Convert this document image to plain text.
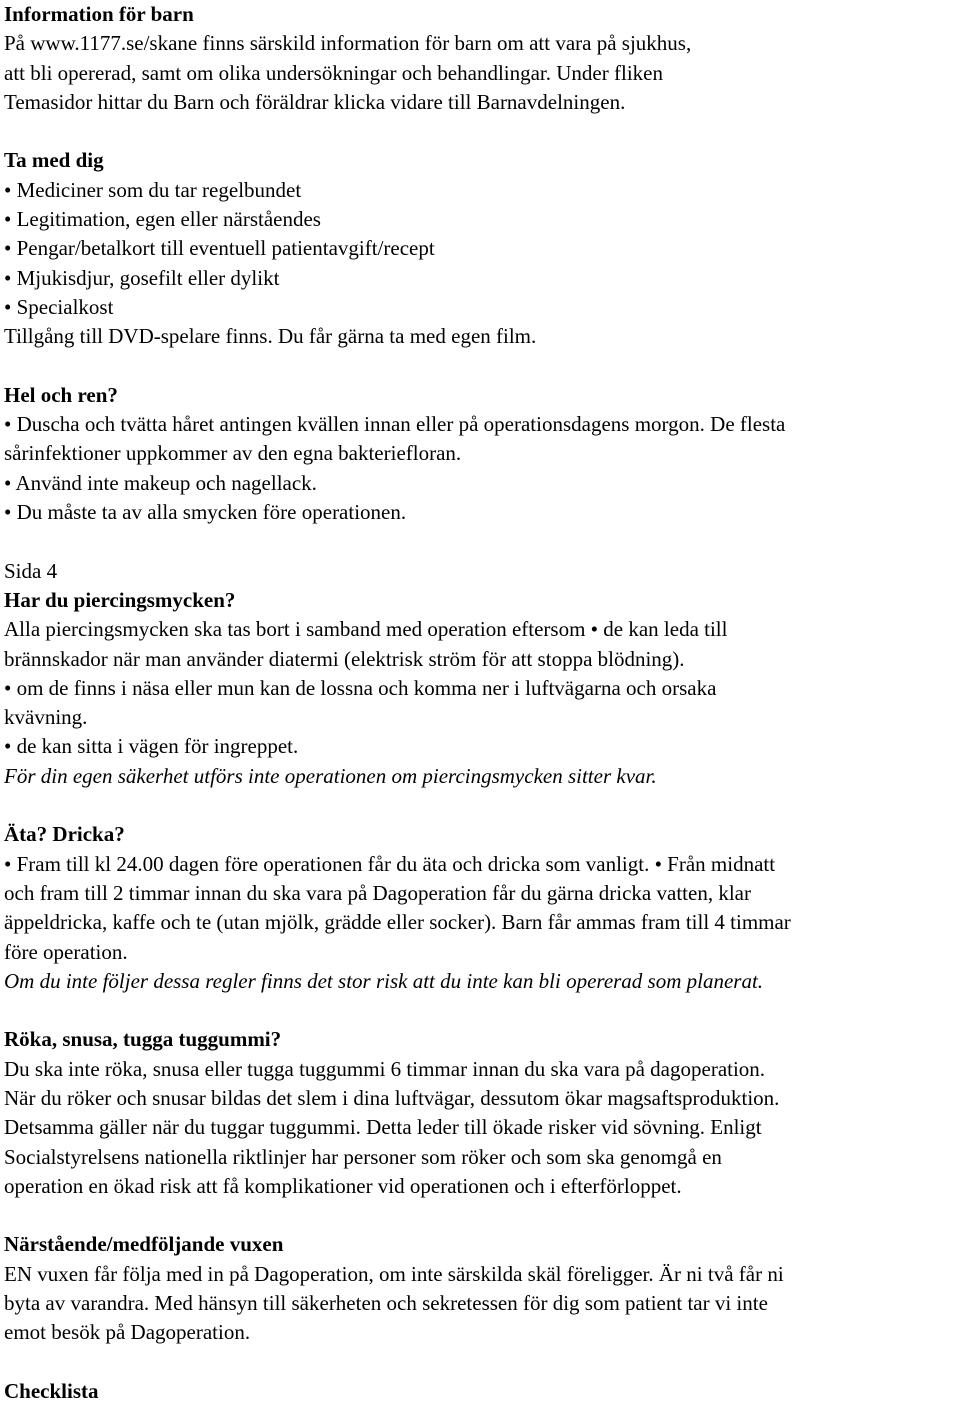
Information för barn
På www.1177.se/skane finns särskild information för barn om att vara på sjukhus,
att bli opererad, samt om olika undersökningar och behandlingar. Under fliken
Temasidor hittar du Barn och föräldrar klicka vidare till Barnavdelningen.
Ta med dig
• Mediciner som du tar regelbundet
• Legitimation, egen eller närståendes
• Pengar/betalkort till eventuell patientavgift/recept
• Mjukisdjur, gosefilt eller dylikt
• Specialkost
Tillgång till DVD-spelare finns. Du får gärna ta med egen film.
Hel och ren?
• Duscha och tvätta håret antingen kvällen innan eller på operationsdagens morgon. De flesta
sårinfektioner uppkommer av den egna bakteriefloran.
• Använd inte makeup och nagellack.
• Du måste ta av alla smycken före operationen.
Sida 4
Har du piercingsmycken?
Alla piercingsmycken ska tas bort i samband med operation eftersom • de kan leda till
brännskador när man använder diatermi (elektrisk ström för att stoppa blödning).
• om de finns i näsa eller mun kan de lossna och komma ner i luftvägarna och orsaka
kvävning.
• de kan sitta i vägen för ingreppet.
För din egen säkerhet utförs inte operationen om piercingsmycken sitter kvar.
Äta? Dricka?
• Fram till kl 24.00 dagen före operationen får du äta och dricka som vanligt. • Från midnatt
och fram till 2 timmar innan du ska vara på Dagoperation får du gärna dricka vatten, klar
äppeldricka, kaffe och te (utan mjölk, grädde eller socker). Barn får ammas fram till 4 timmar
före operation.
Om du inte följer dessa regler finns det stor risk att du inte kan bli opererad som planerat.
Röka, snusa, tugga tuggummi?
Du ska inte röka, snusa eller tugga tuggummi 6 timmar innan du ska vara på dagoperation.
När du röker och snusar bildas det slem i dina luftvägar, dessutom ökar magsaftsproduktion.
Detsamma gäller när du tuggar tuggummi. Detta leder till ökade risker vid sövning. Enligt
Socialstyrelsens nationella riktlinjer har personer som röker och som ska genomgå en
operation en ökad risk att få komplikationer vid operationen och i efterförloppet.
Närstående/medföljande vuxen
EN vuxen får följa med in på Dagoperation, om inte särskilda skäl föreligger. Är ni två får ni
byta av varandra. Med hänsyn till säkerheten och sekretessen för dig som patient tar vi inte
emot besök på Dagoperation.
Checklista
